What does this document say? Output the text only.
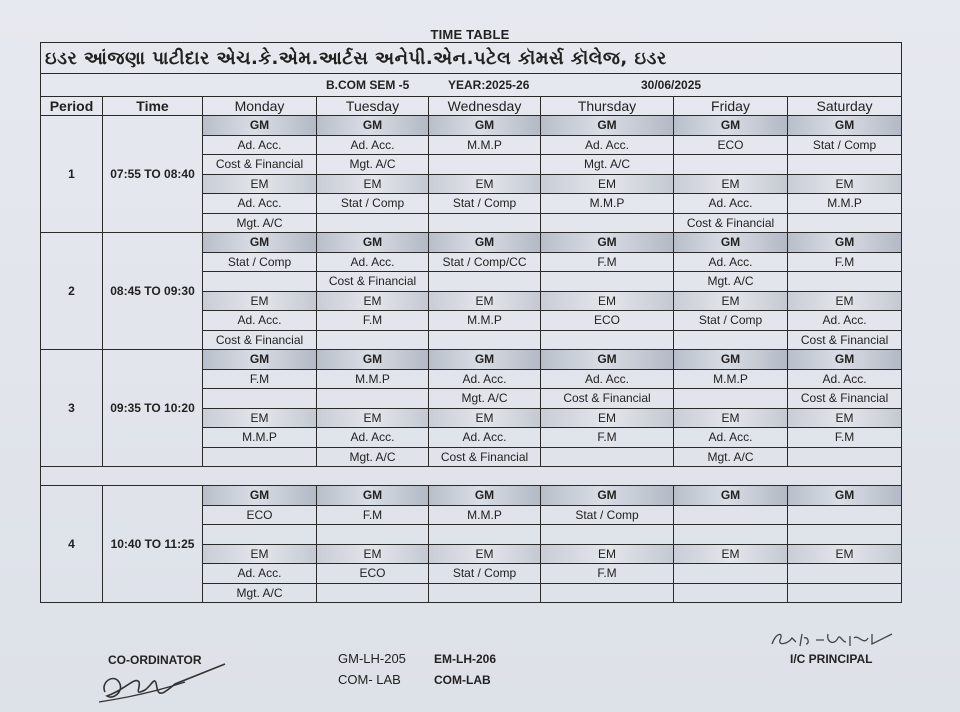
TIME TABLE
ઇડર આંજણા પાટીદાર એચ.કે.એમ.આર્ટસ અનેપી.એન.પટેલ કૉમર્સ કૉલેજ, ઇડર							

B.COM SEM -5 YEAR:2025-26 30/06/2025							

Period	Time	Monday	Tuesday	Wednesday	Thursday	Friday	Saturday
1	07:55 TO 08:40	GM	GM	GM	GM	GM	GM
		Ad. Acc.	Ad. Acc.	M.M.P	Ad. Acc.	ECO	Stat / Comp
		Cost & Financial	Mgt. A/C		Mgt. A/C		
		EM	EM	EM	EM	EM	EM
		Ad. Acc.	Stat / Comp	Stat / Comp	M.M.P	Ad. Acc.	M.M.P
		Mgt. A/C				Cost & Financial	
2	08:45 TO 09:30	GM	GM	GM	GM	GM	GM
		Stat / Comp	Ad. Acc.	Stat / Comp/CC	F.M	Ad. Acc.	F.M
			Cost & Financial			Mgt. A/C	
		EM	EM	EM	EM	EM	EM
		Ad. Acc.	F.M	M.M.P	ECO	Stat / Comp	Ad. Acc.
		Cost & Financial					Cost & Financial
3	09:35 TO 10:20	GM	GM	GM	GM	GM	GM
		F.M	M.M.P	Ad. Acc.	Ad. Acc.	M.M.P	Ad. Acc.
				Mgt. A/C	Cost & Financial		Cost & Financial
		EM	EM	EM	EM	EM	EM
		M.M.P	Ad. Acc.	Ad. Acc.	F.M	Ad. Acc.	F.M
			Mgt. A/C	Cost & Financial		Mgt. A/C	

4	10:40 TO 11:25	GM	GM	GM	GM	GM	GM
		ECO	F.M	M.M.P	Stat / Comp		

		EM	EM	EM	EM	EM	EM
		Ad. Acc.	ECO	Stat / Comp	F.M		
		Mgt. A/C					
CO-ORDINATOR	GM-LH-205
COM- LAB
EM-LH-206
COM-LAB
I/C PRINCIPAL
